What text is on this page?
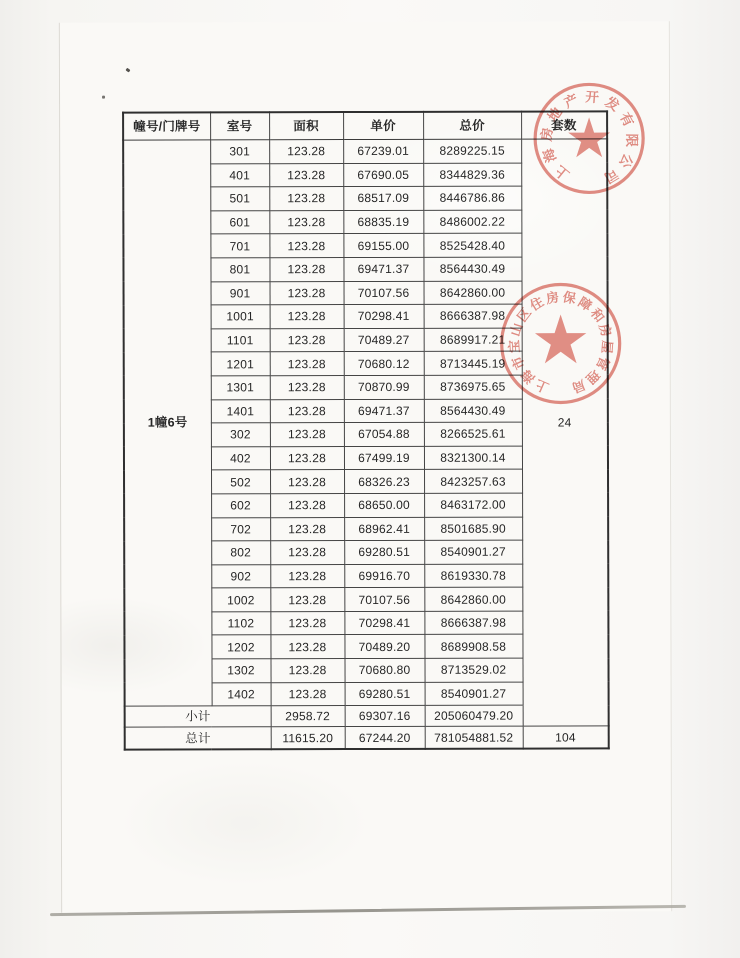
幢号/门牌号	室号	面积	单价	总价	套数
1幢6号	301	123.28	67239.01	8289225.15	24
	401	123.28	67690.05	8344829.36	
	501	123.28	68517.09	8446786.86	
	601	123.28	68835.19	8486002.22	
	701	123.28	69155.00	8525428.40	
	801	123.28	69471.37	8564430.49	
	901	123.28	70107.56	8642860.00	
	1001	123.28	70298.41	8666387.98	
	1101	123.28	70489.27	8689917.21	
	1201	123.28	70680.12	8713445.19	
	1301	123.28	70870.99	8736975.65	
	1401	123.28	69471.37	8564430.49	
	302	123.28	67054.88	8266525.61	
	402	123.28	67499.19	8321300.14	
	502	123.28	68326.23	8423257.63	
	602	123.28	68650.00	8463172.00	
	702	123.28	68962.41	8501685.90	
	802	123.28	69280.51	8540901.27	
	902	123.28	69916.70	8619330.78	
	1002	123.28	70107.56	8642860.00	
	1102	123.28	70298.41	8666387.98	
	1202	123.28	70489.20	8689908.58	
	1302	123.28	70680.80	8713529.02	
	1402	123.28	69280.51	8540901.27	
小计		2958.72	69307.16	205060479.20	
总计		11615.20	67244.20	781054881.52	104
上海房地产开发有限公司
上海市宝山区住房保障和房屋管理局
